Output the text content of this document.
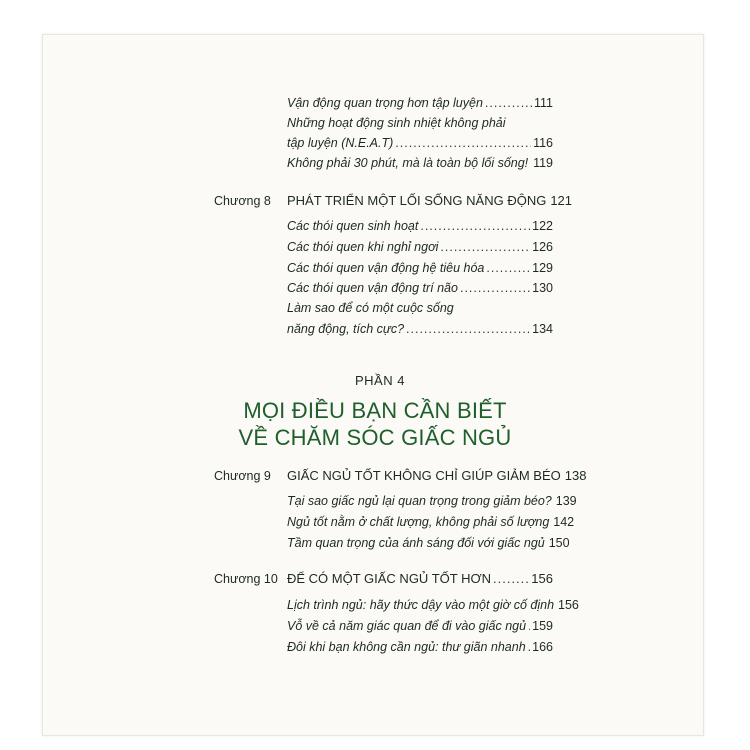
Vận động quan trọng hơn tập luyện .....	111
Những hoạt động sinh nhiệt không phải
tập luyện (N.E.A.T) .....	116
Không phải 30 phút, mà là toàn bộ lối sống! ..... 119
Chương 8 PHÁT TRIỂN MỘT LỐI SỐNG NĂNG ĐỘNG 121
Các thói quen sinh hoạt .....	122
Các thói quen khi nghỉ ngơi .....	126
Các thói quen vận động hệ tiêu hóa .....	129
Các thói quen vận động trí não .....	130
Làm sao để có một cuộc sống
năng động, tích cực? .....	134
PHẦN 4
MỌI ĐIỀU BẠN CẦN BIẾT
VỀ CHĂM SÓC GIẤC NGỦ
Chương 9 GIẤC NGỦ TỐT KHÔNG CHỈ GIÚP GIẢM BÉO 138
Tại sao giấc ngủ lại quan trọng trong giảm béo? 139
Ngủ tốt nằm ở chất lượng, không phải số lượng 142
Tầm quan trọng của ánh sáng đối với giấc ngủ 150
Chương 10 ĐỂ CÓ MỘT GIẤC NGỦ TỐT HƠN .....	156
Lịch trình ngủ: hãy thức dậy vào một giờ cố định 156
Vỗ về cả năm giác quan để đi vào giấc ngủ ..... 159
Đôi khi bạn không cần ngủ: thư giãn nhanh ..... 166
